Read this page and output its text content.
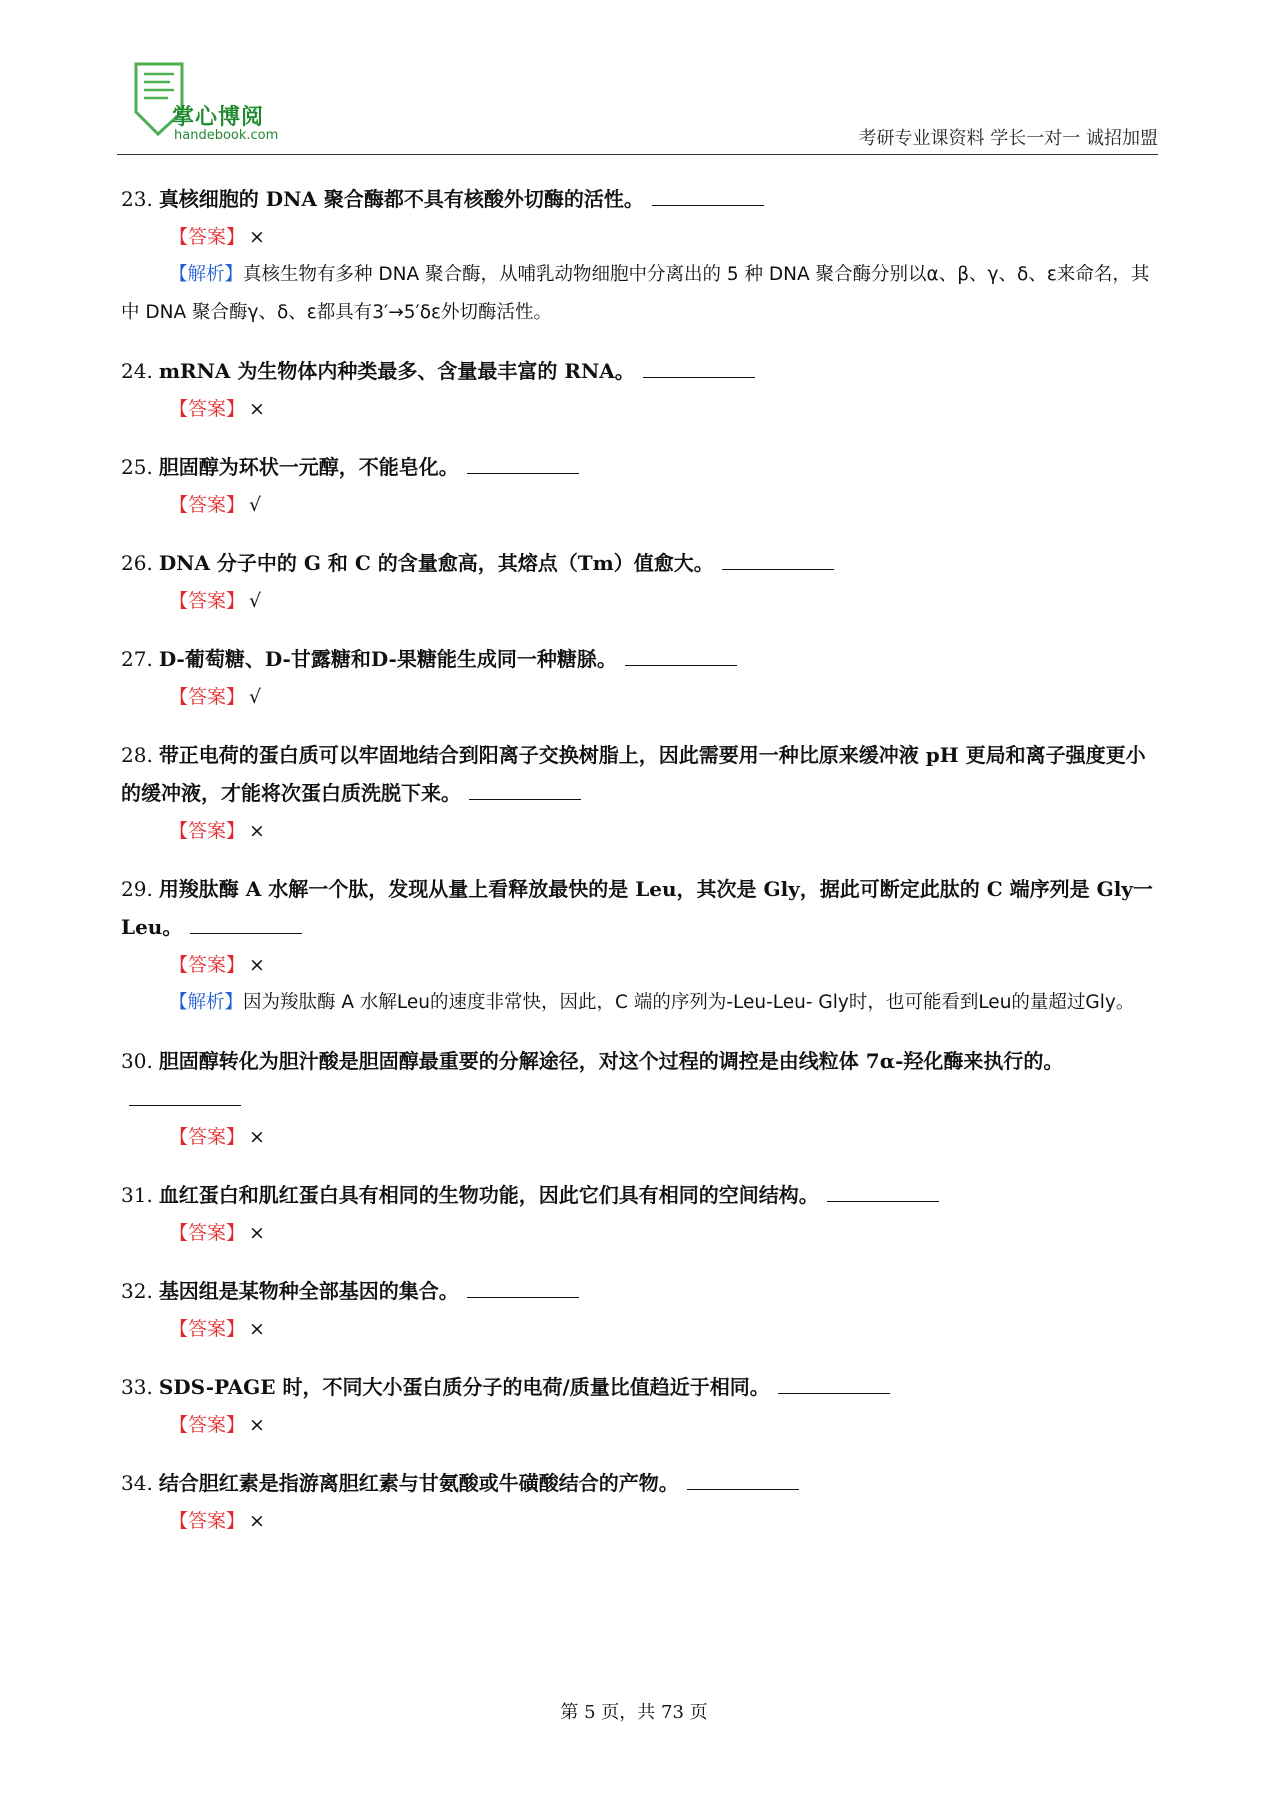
掌心博阅
handebook.com	考研专业课资料 学长一对一 诚招加盟
23. 真核细胞的 DNA 聚合酶都不具有核酸外切酶的活性。
【答案】 ×
【解析】真核生物有多种 DNA 聚合酶，从哺乳动物细胞中分离出的 5 种 DNA 聚合酶分别以α、β、γ、δ、ε来命名，其中 DNA 聚合酶γ、δ、ε都具有3′→5′δε外切酶活性。
24. mRNA 为生物体内种类最多、含量最丰富的 RNA。
【答案】 ×
25. 胆固醇为环状一元醇，不能皂化。
【答案】 √
26. DNA 分子中的 G 和 C 的含量愈高，其熔点（Tm）值愈大。
【答案】 √
27. D-葡萄糖、D-甘露糖和D-果糖能生成同一种糖脎。
【答案】 √
28. 带正电荷的蛋白质可以牢固地结合到阳离子交换树脂上，因此需要用一种比原来缓冲液 pH 更局和离子强度更小的缓冲液，才能将次蛋白质洗脱下来。
【答案】 ×
29. 用羧肽酶 A 水解一个肽，发现从量上看释放最快的是 Leu，其次是 Gly，据此可断定此肽的 C 端序列是 Gly一Leu。
【答案】 ×
【解析】因为羧肽酶 A 水解Leu的速度非常快，因此，C 端的序列为-Leu-Leu- Gly时，也可能看到Leu的量超过Gly。
30. 胆固醇转化为胆汁酸是胆固醇最重要的分解途径，对这个过程的调控是由线粒体 7α-羟化酶来执行的。
【答案】 ×
31. 血红蛋白和肌红蛋白具有相同的生物功能，因此它们具有相同的空间结构。
【答案】 ×
32. 基因组是某物种全部基因的集合。
【答案】 ×
33. SDS-PAGE 时，不同大小蛋白质分子的电荷/质量比值趋近于相同。
【答案】 ×
34. 结合胆红素是指游离胆红素与甘氨酸或牛磺酸结合的产物。
【答案】 ×
第 5 页，共 73 页
